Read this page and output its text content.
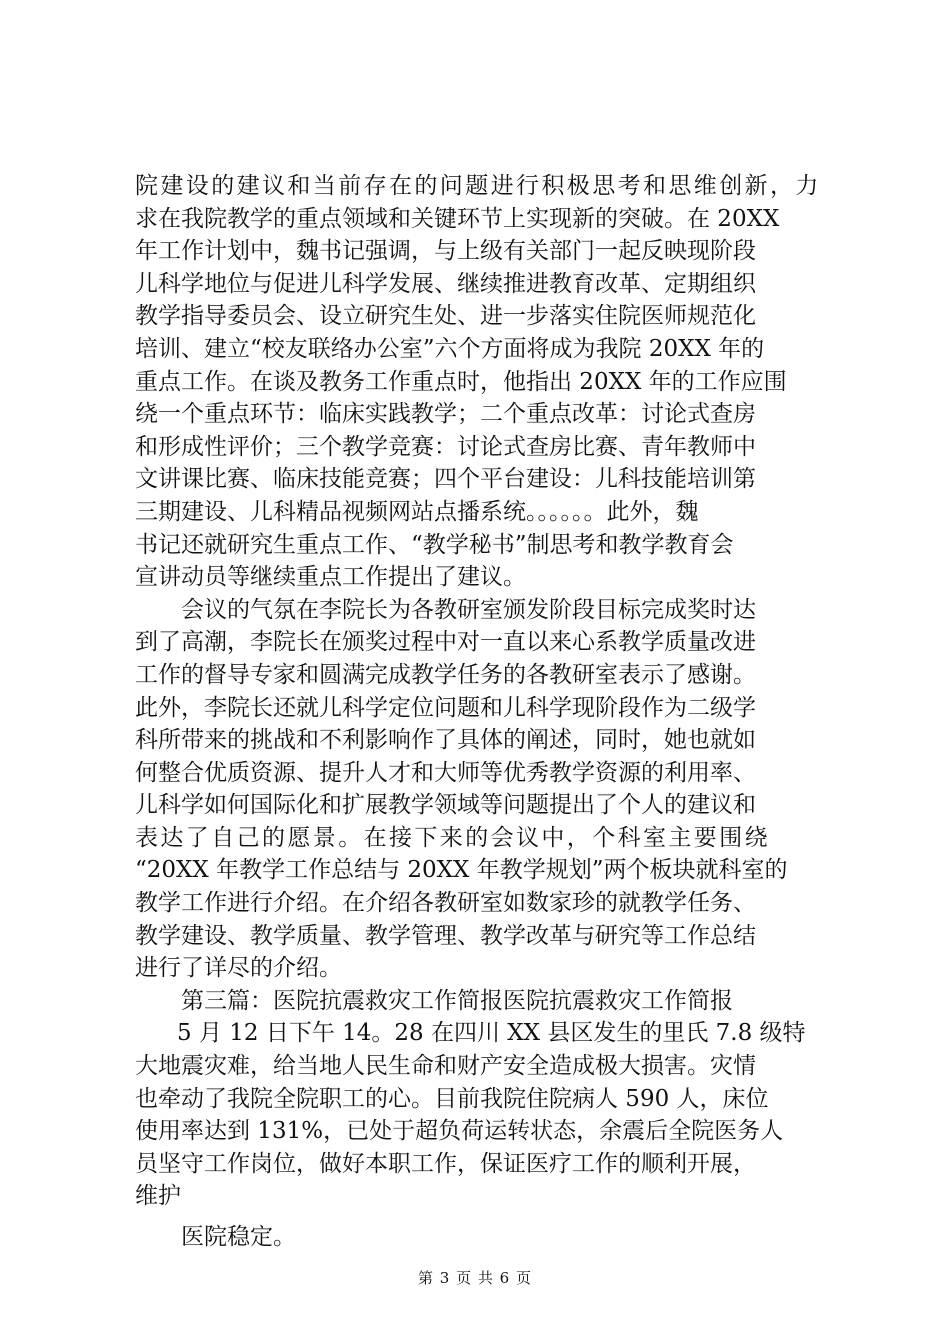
院建设的建议和当前存在的问题进行积极思考和思维创新，力
求在我院教学的重点领域和关键环节上实现新的突破。在 20XX
年工作计划中，魏书记强调，与上级有关部门一起反映现阶段
儿科学地位与促进儿科学发展、继续推进教育改革、定期组织
教学指导委员会、设立研究生处、进一步落实住院医师规范化
培训、建立“校友联络办公室”六个方面将成为我院 20XX 年的
重点工作。在谈及教务工作重点时，他指出 20XX 年的工作应围
绕一个重点环节：临床实践教学；二个重点改革：讨论式查房
和形成性评价；三个教学竞赛：讨论式查房比赛、青年教师中
文讲课比赛、临床技能竞赛；四个平台建设：儿科技能培训第
三期建设、儿科精品视频网站点播系统。。。。。。此外，魏
书记还就研究生重点工作、“教学秘书”制思考和教学教育会
宣讲动员等继续重点工作提出了建议。
会议的气氛在李院长为各教研室颁发阶段目标完成奖时达
到了高潮，李院长在颁奖过程中对一直以来心系教学质量改进
工作的督导专家和圆满完成教学任务的各教研室表示了感谢。
此外，李院长还就儿科学定位问题和儿科学现阶段作为二级学
科所带来的挑战和不利影响作了具体的阐述，同时，她也就如
何整合优质资源、提升人才和大师等优秀教学资源的利用率、
儿科学如何国际化和扩展教学领域等问题提出了个人的建议和
表达了自己的愿景。在接下来的会议中，个科室主要围绕
“20XX 年教学工作总结与 20XX 年教学规划”两个板块就科室的
教学工作进行介绍。在介绍各教研室如数家珍的就教学任务、
教学建设、教学质量、教学管理、教学改革与研究等工作总结
进行了详尽的介绍。
第三篇：医院抗震救灾工作简报医院抗震救灾工作简报
5 月 12 日下午 14。28 在四川 XX 县区发生的里氏 7.8 级特
大地震灾难，给当地人民生命和财产安全造成极大损害。灾情
也牵动了我院全院职工的心。目前我院住院病人 590 人，床位
使用率达到 131%，已处于超负荷运转状态，余震后全院医务人
员坚守工作岗位，做好本职工作，保证医疗工作的顺利开展，
维护
医院稳定。
第 3 页 共 6 页
